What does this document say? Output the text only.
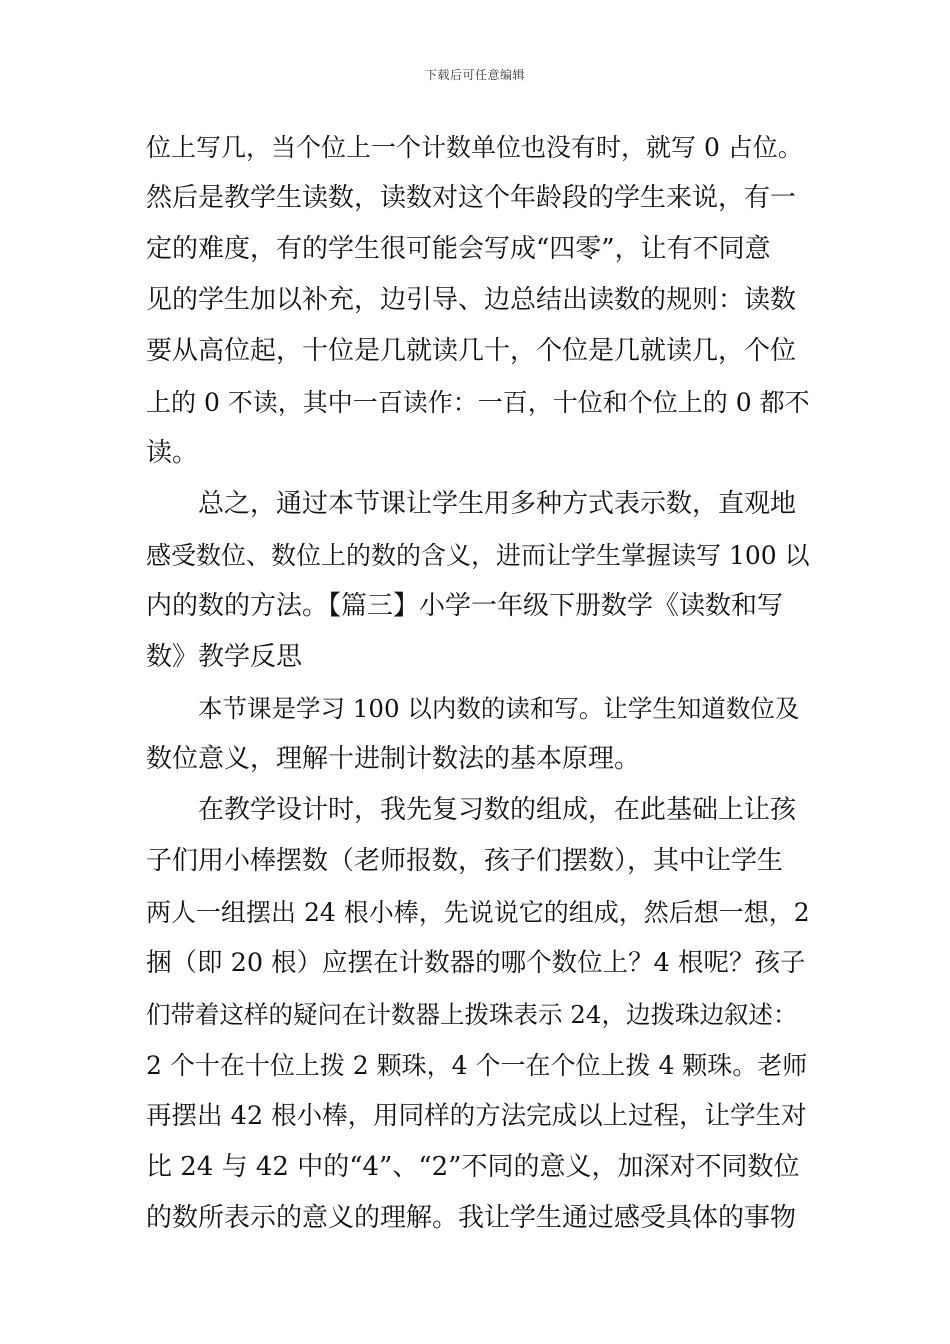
下载后可任意编辑
位上写几，当个位上一个计数单位也没有时，就写 0 占位。
然后是教学生读数，读数对这个年龄段的学生来说，有一
定的难度，有的学生很可能会写成“四零”，让有不同意
见的学生加以补充，边引导、边总结出读数的规则：读数
要从高位起，十位是几就读几十，个位是几就读几，个位
上的 0 不读，其中一百读作：一百，十位和个位上的 0 都不
读。
总之，通过本节课让学生用多种方式表示数，直观地
感受数位、数位上的数的含义，进而让学生掌握读写 100 以
内的数的方法。【篇三】小学一年级下册数学《读数和写
数》教学反思
本节课是学习 100 以内数的读和写。让学生知道数位及
数位意义，理解十进制计数法的基本原理。
在教学设计时，我先复习数的组成，在此基础上让孩
子们用小棒摆数（老师报数，孩子们摆数），其中让学生
两人一组摆出 24 根小棒，先说说它的组成，然后想一想，2
捆（即 20 根）应摆在计数器的哪个数位上？4 根呢？孩子
们带着这样的疑问在计数器上拨珠表示 24，边拨珠边叙述：
2 个十在十位上拨 2 颗珠，4 个一在个位上拨 4 颗珠。老师
再摆出 42 根小棒，用同样的方法完成以上过程，让学生对
比 24 与 42 中的“4”、“2”不同的意义，加深对不同数位
的数所表示的意义的理解。我让学生通过感受具体的事物
